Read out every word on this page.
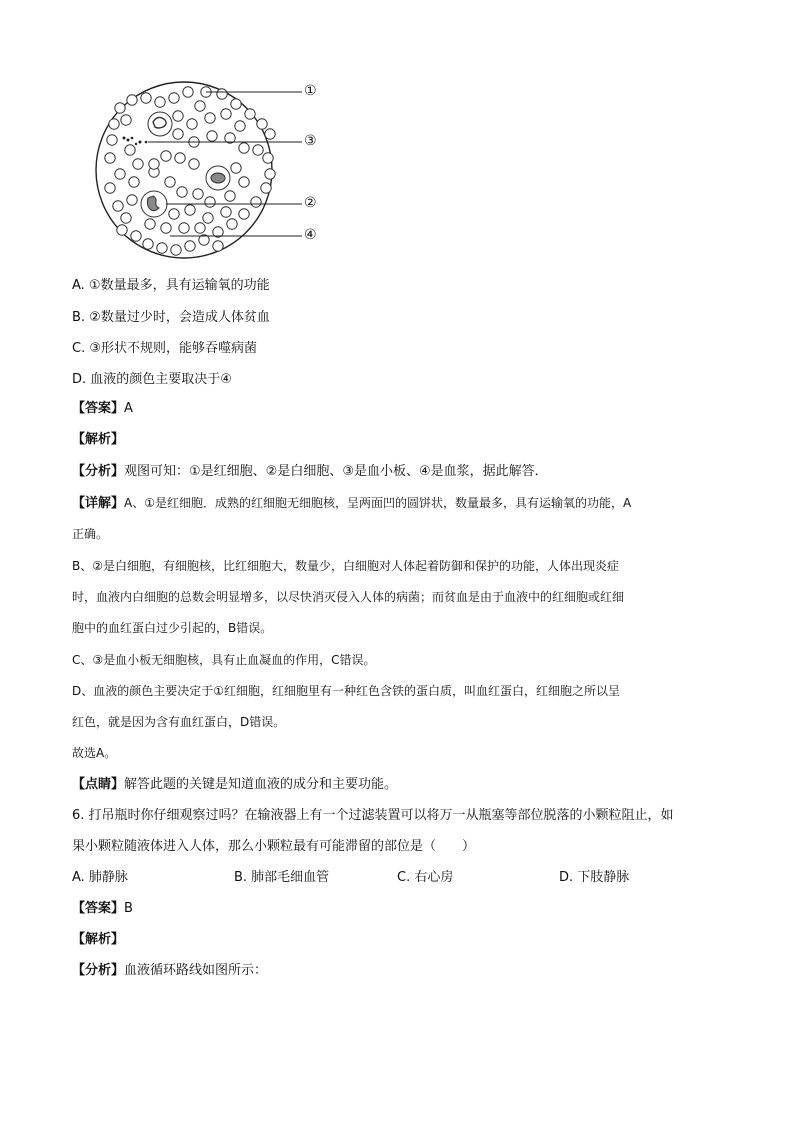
①
③
②
④
A. ①数量最多，具有运输氧的功能
B. ②数量过少时，会造成人体贫血
C. ③形状不规则，能够吞噬病菌
D. 血液的颜色主要取决于④
【答案】A
【解析】
【分析】观图可知：①是红细胞、②是白细胞、③是血小板、④是血浆，据此解答．
【详解】A、①是红细胞．成熟的红细胞无细胞核，呈两面凹的圆饼状，数量最多，具有运输氧的功能，A
正确。
B、②是白细胞，有细胞核，比红细胞大，数量少，白细胞对人体起着防御和保护的功能，人体出现炎症
时，血液内白细胞的总数会明显增多，以尽快消灭侵入人体的病菌；而贫血是由于血液中的红细胞或红细
胞中的血红蛋白过少引起的，B错误。
C、③是血小板无细胞核，具有止血凝血的作用，C错误。
D、血液的颜色主要决定于①红细胞，红细胞里有一种红色含铁的蛋白质，叫血红蛋白，红细胞之所以呈
红色，就是因为含有血红蛋白，D错误。
故选A。
【点睛】解答此题的关键是知道血液的成分和主要功能。
6. 打吊瓶时你仔细观察过吗？在输液器上有一个过滤装置可以将万一从瓶塞等部位脱落的小颗粒阻止，如
果小颗粒随液体进入人体，那么小颗粒最有可能滞留的部位是（　　）
A. 肺静脉	B. 肺部毛细血管	C. 右心房	D. 下肢静脉
【答案】B
【解析】
【分析】血液循环路线如图所示：
